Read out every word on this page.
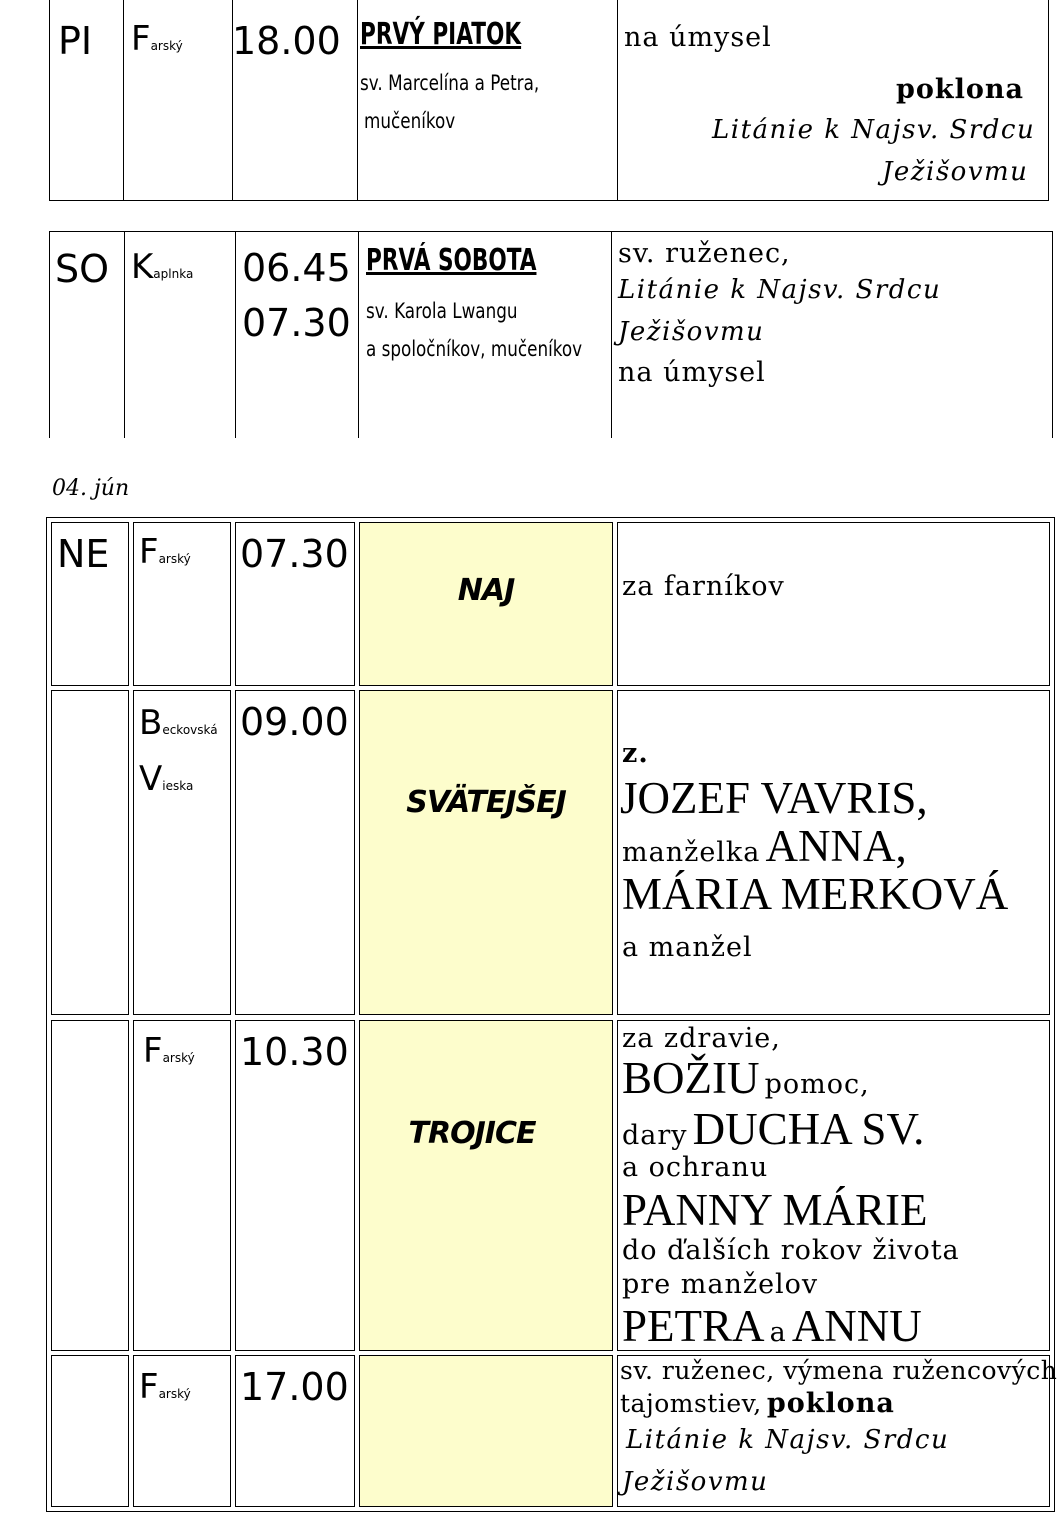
PI Farský 18.00 PRVÝ PIATOK
sv. Marcelína a Petra,
mučeníkov
na úmysel
poklona
Litánie k Najsv. Srdcu
Ježišovmu
SO Kaplnka 06.45
07.30
PRVÁ SOBOTA
sv. Karola Lwangu
a spoločníkov, mučeníkov
sv. ruženec,
Litánie k Najsv. Srdcu
Ježišovmu
na úmysel
04. jún
NE Farský 07.30
NAJ	za farníkov
Beckovská
Vieska
09.00
SVÄTEJŠEJ
z.
JOZEF VAVRIS,
manželka ANNA,
MÁRIA MERKOVÁ
a manžel
Farský 10.30
TROJICE
za zdravie,
BOŽIU pomoc,
dary DUCHA SV.
a ochranu
PANNY MÁRIE
do ďalších rokov života
pre manželov
PETRA a ANNU
Farský 17.00	sv. ruženec, výmena ružencových
tajomstiev, poklona
Litánie k Najsv. Srdcu
Ježišovmu
